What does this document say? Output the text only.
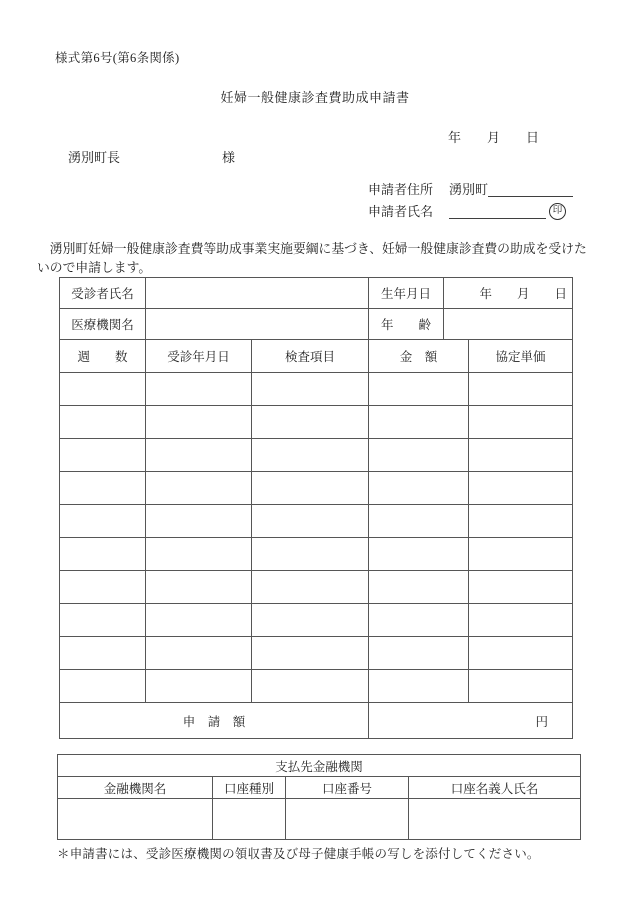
様式第6号(第6条関係)
妊婦一般健康診査費助成申請書
年　　月　　日
湧別町長	様
申請者住所 湧別町
申請者氏名	印
　湧別町妊婦一般健康診査費等助成事業実施要綱に基づき、妊婦一般健康診査費の助成を受けた
いので申請します。
受診者氏名		生年月日	年　　月　　日
医療機関名		年　　齢	
週　　数	受診年月日	検査項目	金　額	協定単価

申　請　額	円
支払先金融機関			
金融機関名	口座種別	口座番号	口座名義人氏名

＊申請書には、受診医療機関の領収書及び母子健康手帳の写しを添付してください。
